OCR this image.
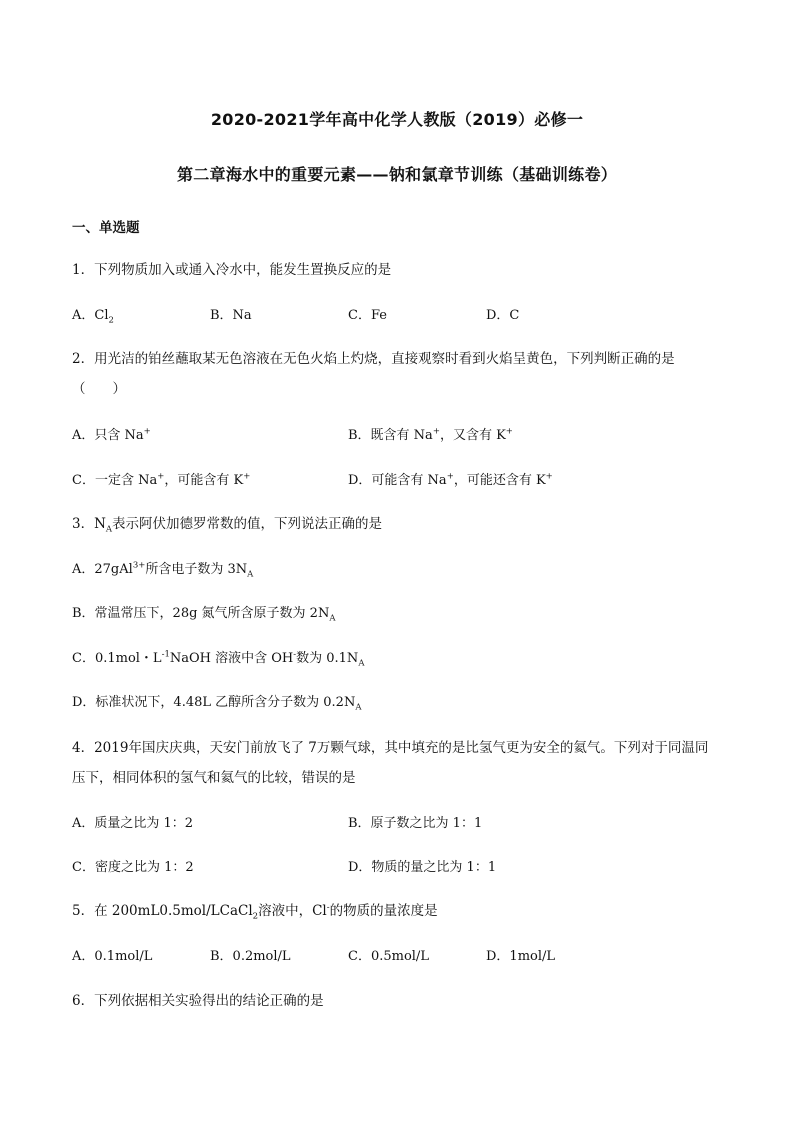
2020-2021学年高中化学人教版（2019）必修一
第二章海水中的重要元素——钠和氯章节训练（基础训练卷）
一、单选题
1．下列物质加入或通入冷水中，能发生置换反应的是
A．$Cl_2$	B．Na	C．Fe	D．C
2．用光洁的铂丝蘸取某无色溶液在无色火焰上灼烧，直接观察时看到火焰呈黄色，下列判断正确的是
（　　）
A．只含 Na+	B．既含有 Na+，又含有 K+
C．一定含 Na+，可能含有 K+	D．可能含有 Na+，可能还含有 K+
3．$N_A$表示阿伏加德罗常数的值，下列说法正确的是
A．27gAl$^{3+}$所含电子数为 $3N_A$
B．常温常压下，28g 氮气所含原子数为 $2N_A$
C．0.1mol・$L^{-1}NaOH$ 溶液中含 OH-数为 $0.1N_A$
D．标准状况下，4.48L 乙醇所含分子数为 $0.2N_A$
4．2019年国庆庆典，天安门前放飞了 7万颗气球，其中填充的是比氢气更为安全的氦气。下列对于同温同
压下，相同体积的氢气和氦气的比较，错误的是
A．质量之比为 1：2	B．原子数之比为 1：1
C．密度之比为 1：2	D．物质的量之比为 1：1
5．在 200mL0.5mol/LCaCl$_2$溶液中，Cl-的物质的量浓度是
A．0.1mol/L	B．0.2mol/L	C．0.5mol/L	D．1mol/L
6．下列依据相关实验得出的结论正确的是
